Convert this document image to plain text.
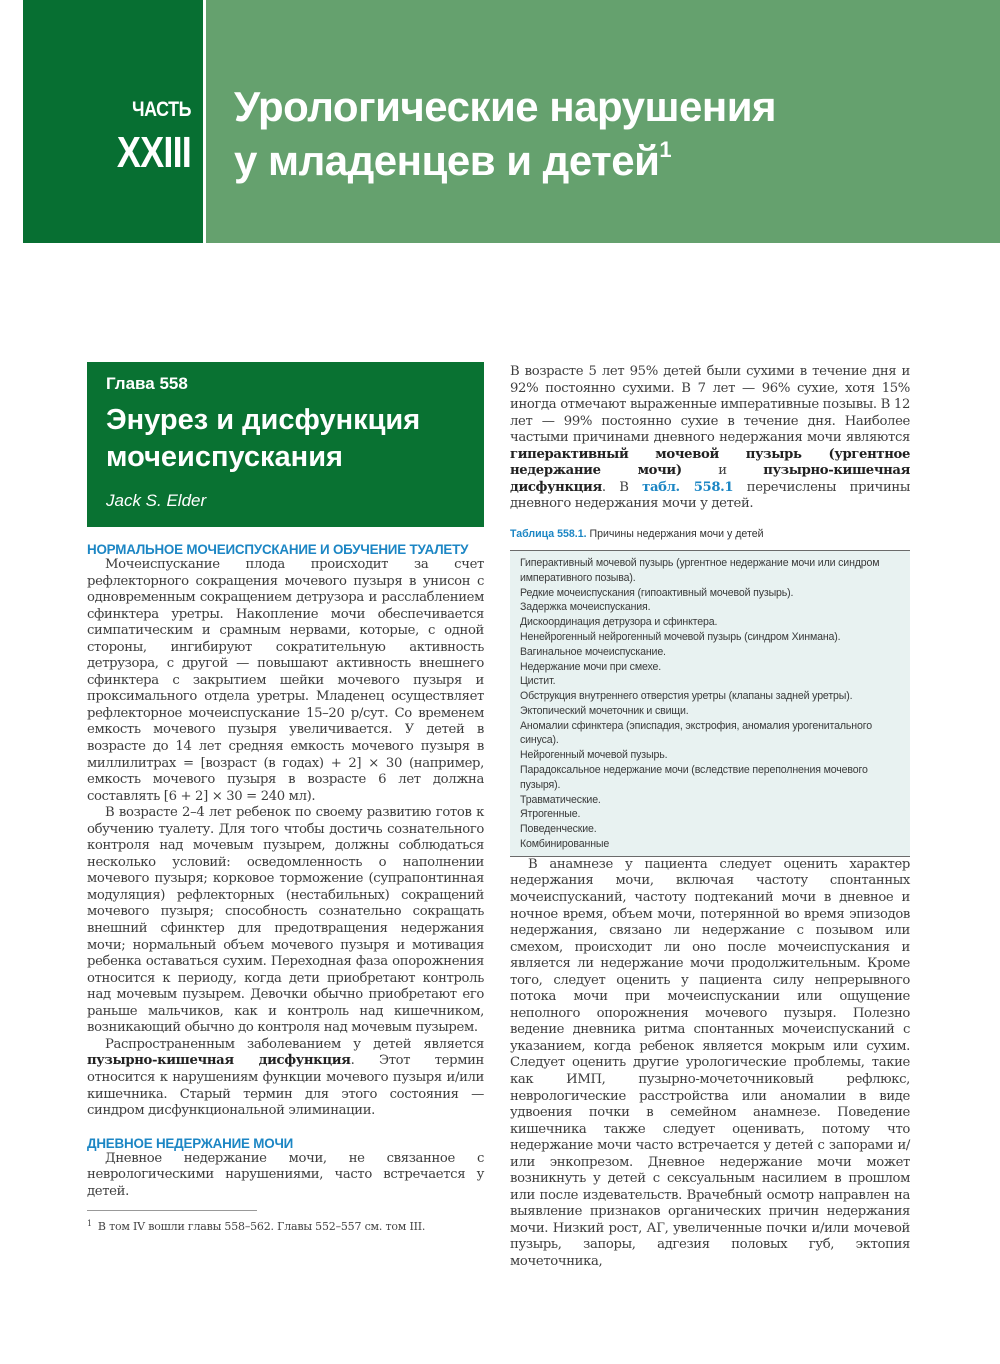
ЧАСТЬ
XXIII
Урологические нарушения
у младенцев и детей$^1$
Глава 558
Энурез и дисфункция мочеиспускания
Jack S. Elder
НОРМАЛЬНОЕ МОЧЕИСПУСКАНИЕ И ОБУЧЕНИЕ ТУАЛЕТУ

Мочеиспускание плода происходит за счет рефлекторного сокращения мочевого пузыря в унисон с одновременным сокращением детрузора и расслаблением сфинктера уретры. Накопление мочи обеспечивается симпатическим и срамным нервами, которые, с одной стороны, ингибируют сократительную активность детрузора, с другой — повышают активность внешнего сфинктера с закрытием шейки мочевого пузыря и проксимального отдела уретры. Младенец осуществляет рефлекторное мочеиспускание 15–20 р/сут. Со временем емкость мочевого пузыря увеличивается. У детей в возрасте до 14 лет средняя емкость мочевого пузыря в миллилитрах = [возраст (в годах) + 2] × 30 (например, емкость мочевого пузыря в возрасте 6 лет должна составлять [6 + 2] × 30 = 240 мл).

В возрасте 2–4 лет ребенок по своему развитию готов к обучению туалету. Для того чтобы достичь сознательного контроля над мочевым пузырем, должны соблюдаться несколько условий: осведомленность о наполнении мочевого пузыря; корковое торможение (супрапонтинная модуляция) рефлекторных (нестабильных) сокращений мочевого пузыря; способность сознательно сокращать внешний сфинктер для предотвращения недержания мочи; нормальный объем мочевого пузыря и мотивация ребенка оставаться сухим. Переходная фаза опорожнения относится к периоду, когда дети приобретают контроль над мочевым пузырем. Девочки обычно приобретают его раньше мальчиков, как и контроль над кишечником, возникающий обычно до контроля над мочевым пузырем.

Распространенным заболеванием у детей является пузырно-кишечная дисфункция. Этот термин относится к нарушениям функции мочевого пузыря и/или кишечника. Старый термин для этого состояния — синдром дисфункциональной элиминации.

ДНЕВНОЕ НЕДЕРЖАНИЕ МОЧИ

Дневное недержание мочи, не связанное с неврологическими нарушениями, часто встречается у детей.

$^1$ В том IV вошли главы 558–562. Главы 552–557 см. том III.

В возрасте 5 лет 95% детей были сухими в течение дня и 92% постоянно сухими. В 7 лет — 96% сухие, хотя 15% иногда отмечают выраженные императивные позывы. В 12 лет — 99% постоянно сухие в течение дня. Наиболее частыми причинами дневного недержания мочи являются гиперактивный мочевой пузырь (ургентное недержание мочи) и пузырно-кишечная дисфункция. В табл. 558.1 перечислены причины дневного недержания мочи у детей.

Таблица 558.1. Причины недержания мочи у детей
Гиперактивный мочевой пузырь (ургентное недержание мочи или синдром императивного позыва).
Редкие мочеиспускания (гипоактивный мочевой пузырь).
Задержка мочеиспускания.
Дискоординация детрузора и сфинктера.
Ненейрогенный нейрогенный мочевой пузырь (синдром Хинмана).
Вагинальное мочеиспускание.
Недержание мочи при смехе.
Цистит.
Обструкция внутреннего отверстия уретры (клапаны задней уретры).
Эктопический мочеточник и свищи.
Аномалии сфинктера (эписпадия, экстрофия, аномалия урогенитального синуса).
Нейрогенный мочевой пузырь.
Парадоксальное недержание мочи (вследствие переполнения мочевого пузыря).
Травматические.
Ятрогенные.
Поведенческие.
Комбинированные

В анамнезе у пациента следует оценить характер недержания мочи, включая частоту спонтанных мочеиспусканий, частоту подтеканий мочи в дневное и ночное время, объем мочи, потерянной во время эпизодов недержания, связано ли недержание с позывом или смехом, происходит ли оно после мочеиспускания и является ли недержание мочи продолжительным. Кроме того, следует оценить у пациента силу непрерывного потока мочи при мочеиспускании или ощущение неполного опорожнения мочевого пузыря. Полезно ведение дневника ритма спонтанных мочеиспусканий с указанием, когда ребенок является мокрым или сухим. Следует оценить другие урологические проблемы, такие как ИМП, пузырно-мочеточниковый рефлюкс, неврологические расстройства или аномалии в виде удвоения почки в семейном анамнезе. Поведение кишечника также следует оценивать, потому что недержание мочи часто встречается у детей с запорами и/или энкопрезом. Дневное недержание мочи может возникнуть у детей с сексуальным насилием в прошлом или после издевательств. Врачебный осмотр направлен на выявление признаков органических причин недержания мочи. Низкий рост, АГ, увеличенные почки и/или мочевой пузырь, запоры, адгезия половых губ, эктопия мочеточника,
